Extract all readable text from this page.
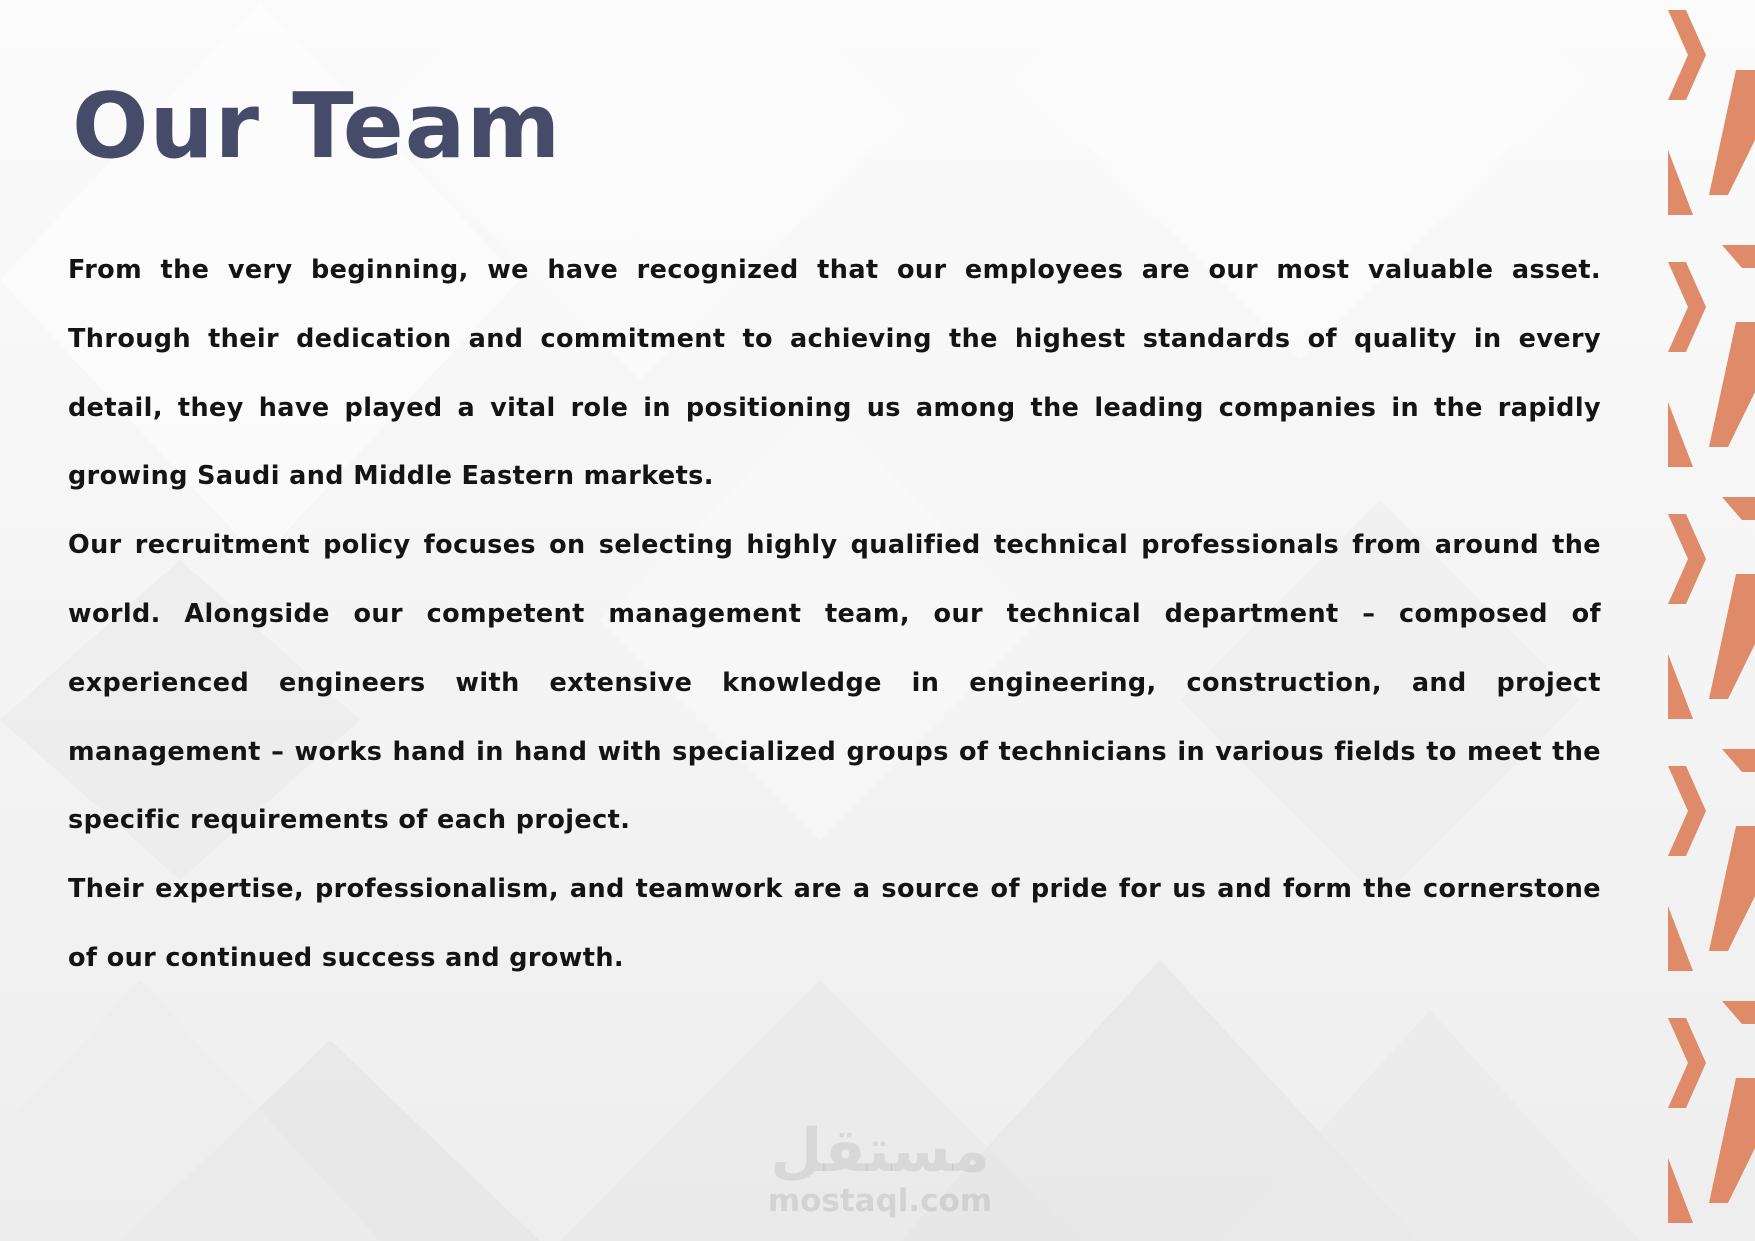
Our Team

From the very beginning, we have recognized that our employees are our most valuable asset. Through their dedication and commitment to achieving the highest standards of quality in every detail, they have played a vital role in positioning us among the leading companies in the rapidly growing Saudi and Middle Eastern markets.

Our recruitment policy focuses on selecting highly qualified technical professionals from around the world. Alongside our competent management team, our technical department – composed of experienced engineers with extensive knowledge in engineering, construction, and project management – works hand in hand with specialized groups of technicians in various fields to meet the specific requirements of each project.

Their expertise, professionalism, and teamwork are a source of pride for us and form the cornerstone of our continued success and growth.

مستقل
mostaql.com
